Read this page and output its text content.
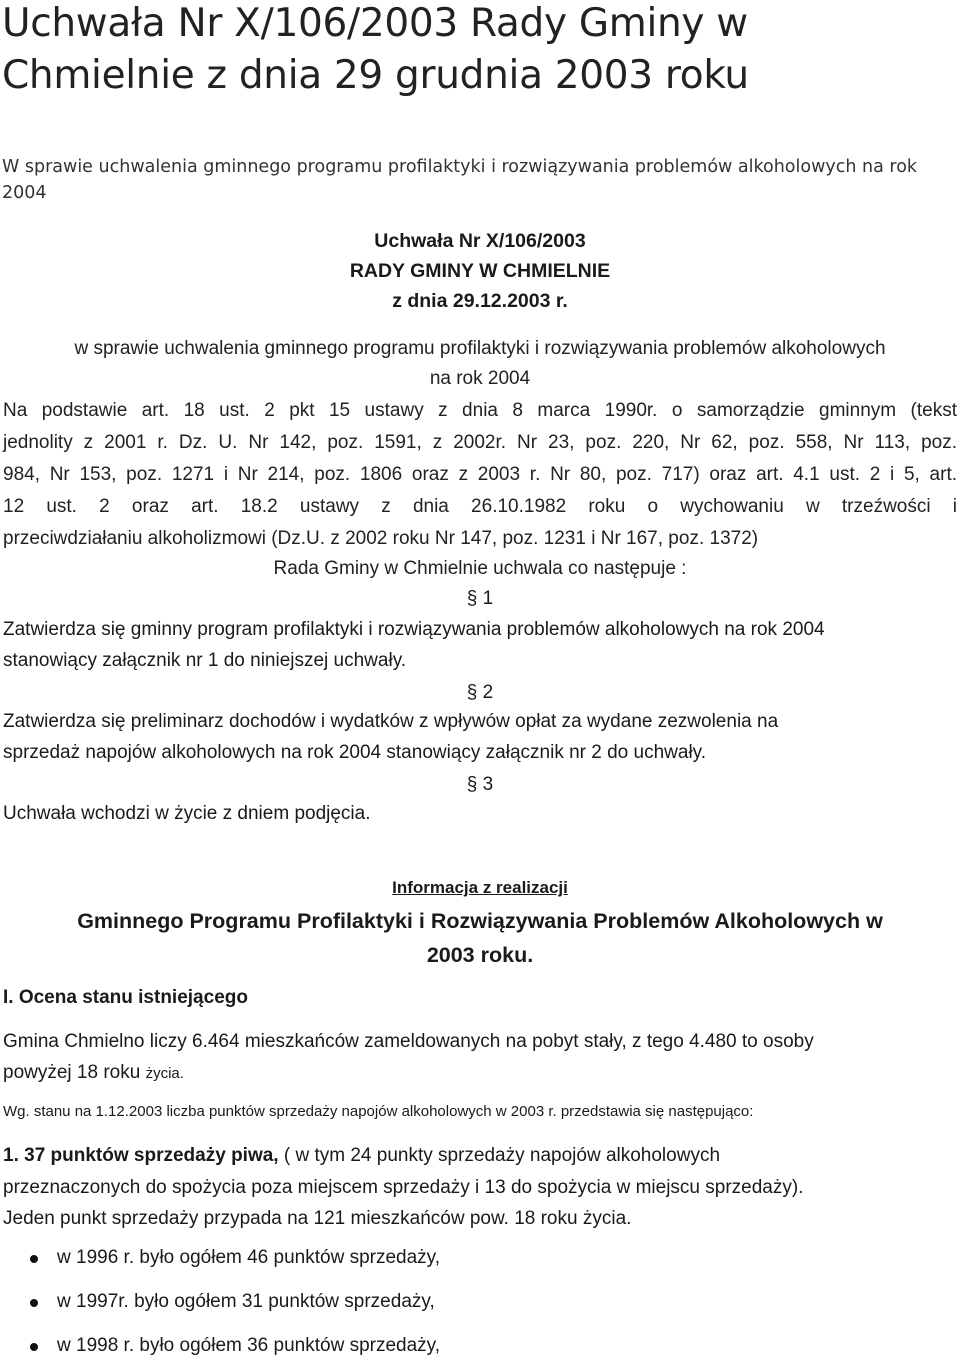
Uchwała Nr X/106/2003 Rady Gminy w Chmielnie z dnia 29 grudnia 2003 roku
W sprawie uchwalenia gminnego programu profilaktyki i rozwiązywania problemów alkoholowych na rok 2004
Uchwała Nr X/106/2003
RADY GMINY W CHMIELNIE
z dnia 29.12.2003 r.
w sprawie uchwalenia gminnego programu profilaktyki i rozwiązywania problemów alkoholowych
na rok 2004
Na podstawie art. 18 ust. 2 pkt 15 ustawy z dnia 8 marca 1990r. o samorządzie gminnym (tekst
jednolity z 2001 r. Dz. U. Nr 142, poz. 1591, z 2002r. Nr 23, poz. 220, Nr 62, poz. 558, Nr 113, poz.
984, Nr 153, poz. 1271 i Nr 214, poz. 1806 oraz z 2003 r. Nr 80, poz. 717) oraz art. 4.1 ust. 2 i 5, art.
12 ust. 2 oraz art. 18.2 ustawy z dnia 26.10.1982 roku o wychowaniu w trzeźwości i
przeciwdziałaniu alkoholizmowi (Dz.U. z 2002 roku Nr 147, poz. 1231 i Nr 167, poz. 1372)
Rada Gminy w Chmielnie uchwala co następuje :
§ 1
Zatwierdza się gminny program profilaktyki i rozwiązywania problemów alkoholowych na rok 2004
stanowiący załącznik nr 1 do niniejszej uchwały.
§ 2
Zatwierdza się preliminarz dochodów i wydatków z wpływów opłat za wydane zezwolenia na
sprzedaż napojów alkoholowych na rok 2004 stanowiący załącznik nr 2 do uchwały.
§ 3
Uchwała wchodzi w życie z dniem podjęcia.
Informacja z realizacji
Gminnego Programu Profilaktyki i Rozwiązywania Problemów Alkoholowych w
2003 roku.
I. Ocena stanu istniejącego
Gmina Chmielno liczy 6.464 mieszkańców zameldowanych na pobyt stały, z tego 4.480 to osoby
powyżej 18 roku życia.
Wg. stanu na 1.12.2003 liczba punktów sprzedaży napojów alkoholowych w 2003 r. przedstawia się następująco:
1. 37 punktów sprzedaży piwa, ( w tym 24 punkty sprzedaży napojów alkoholowych
przeznaczonych do spożycia poza miejscem sprzedaży i 13 do spożycia w miejscu sprzedaży).
Jeden punkt sprzedaży przypada na 121 mieszkańców pow. 18 roku życia.
w 1996 r. było ogółem 46 punktów sprzedaży,
w 1997r. było ogółem 31 punktów sprzedaży,
w 1998 r. było ogółem 36 punktów sprzedaży,
